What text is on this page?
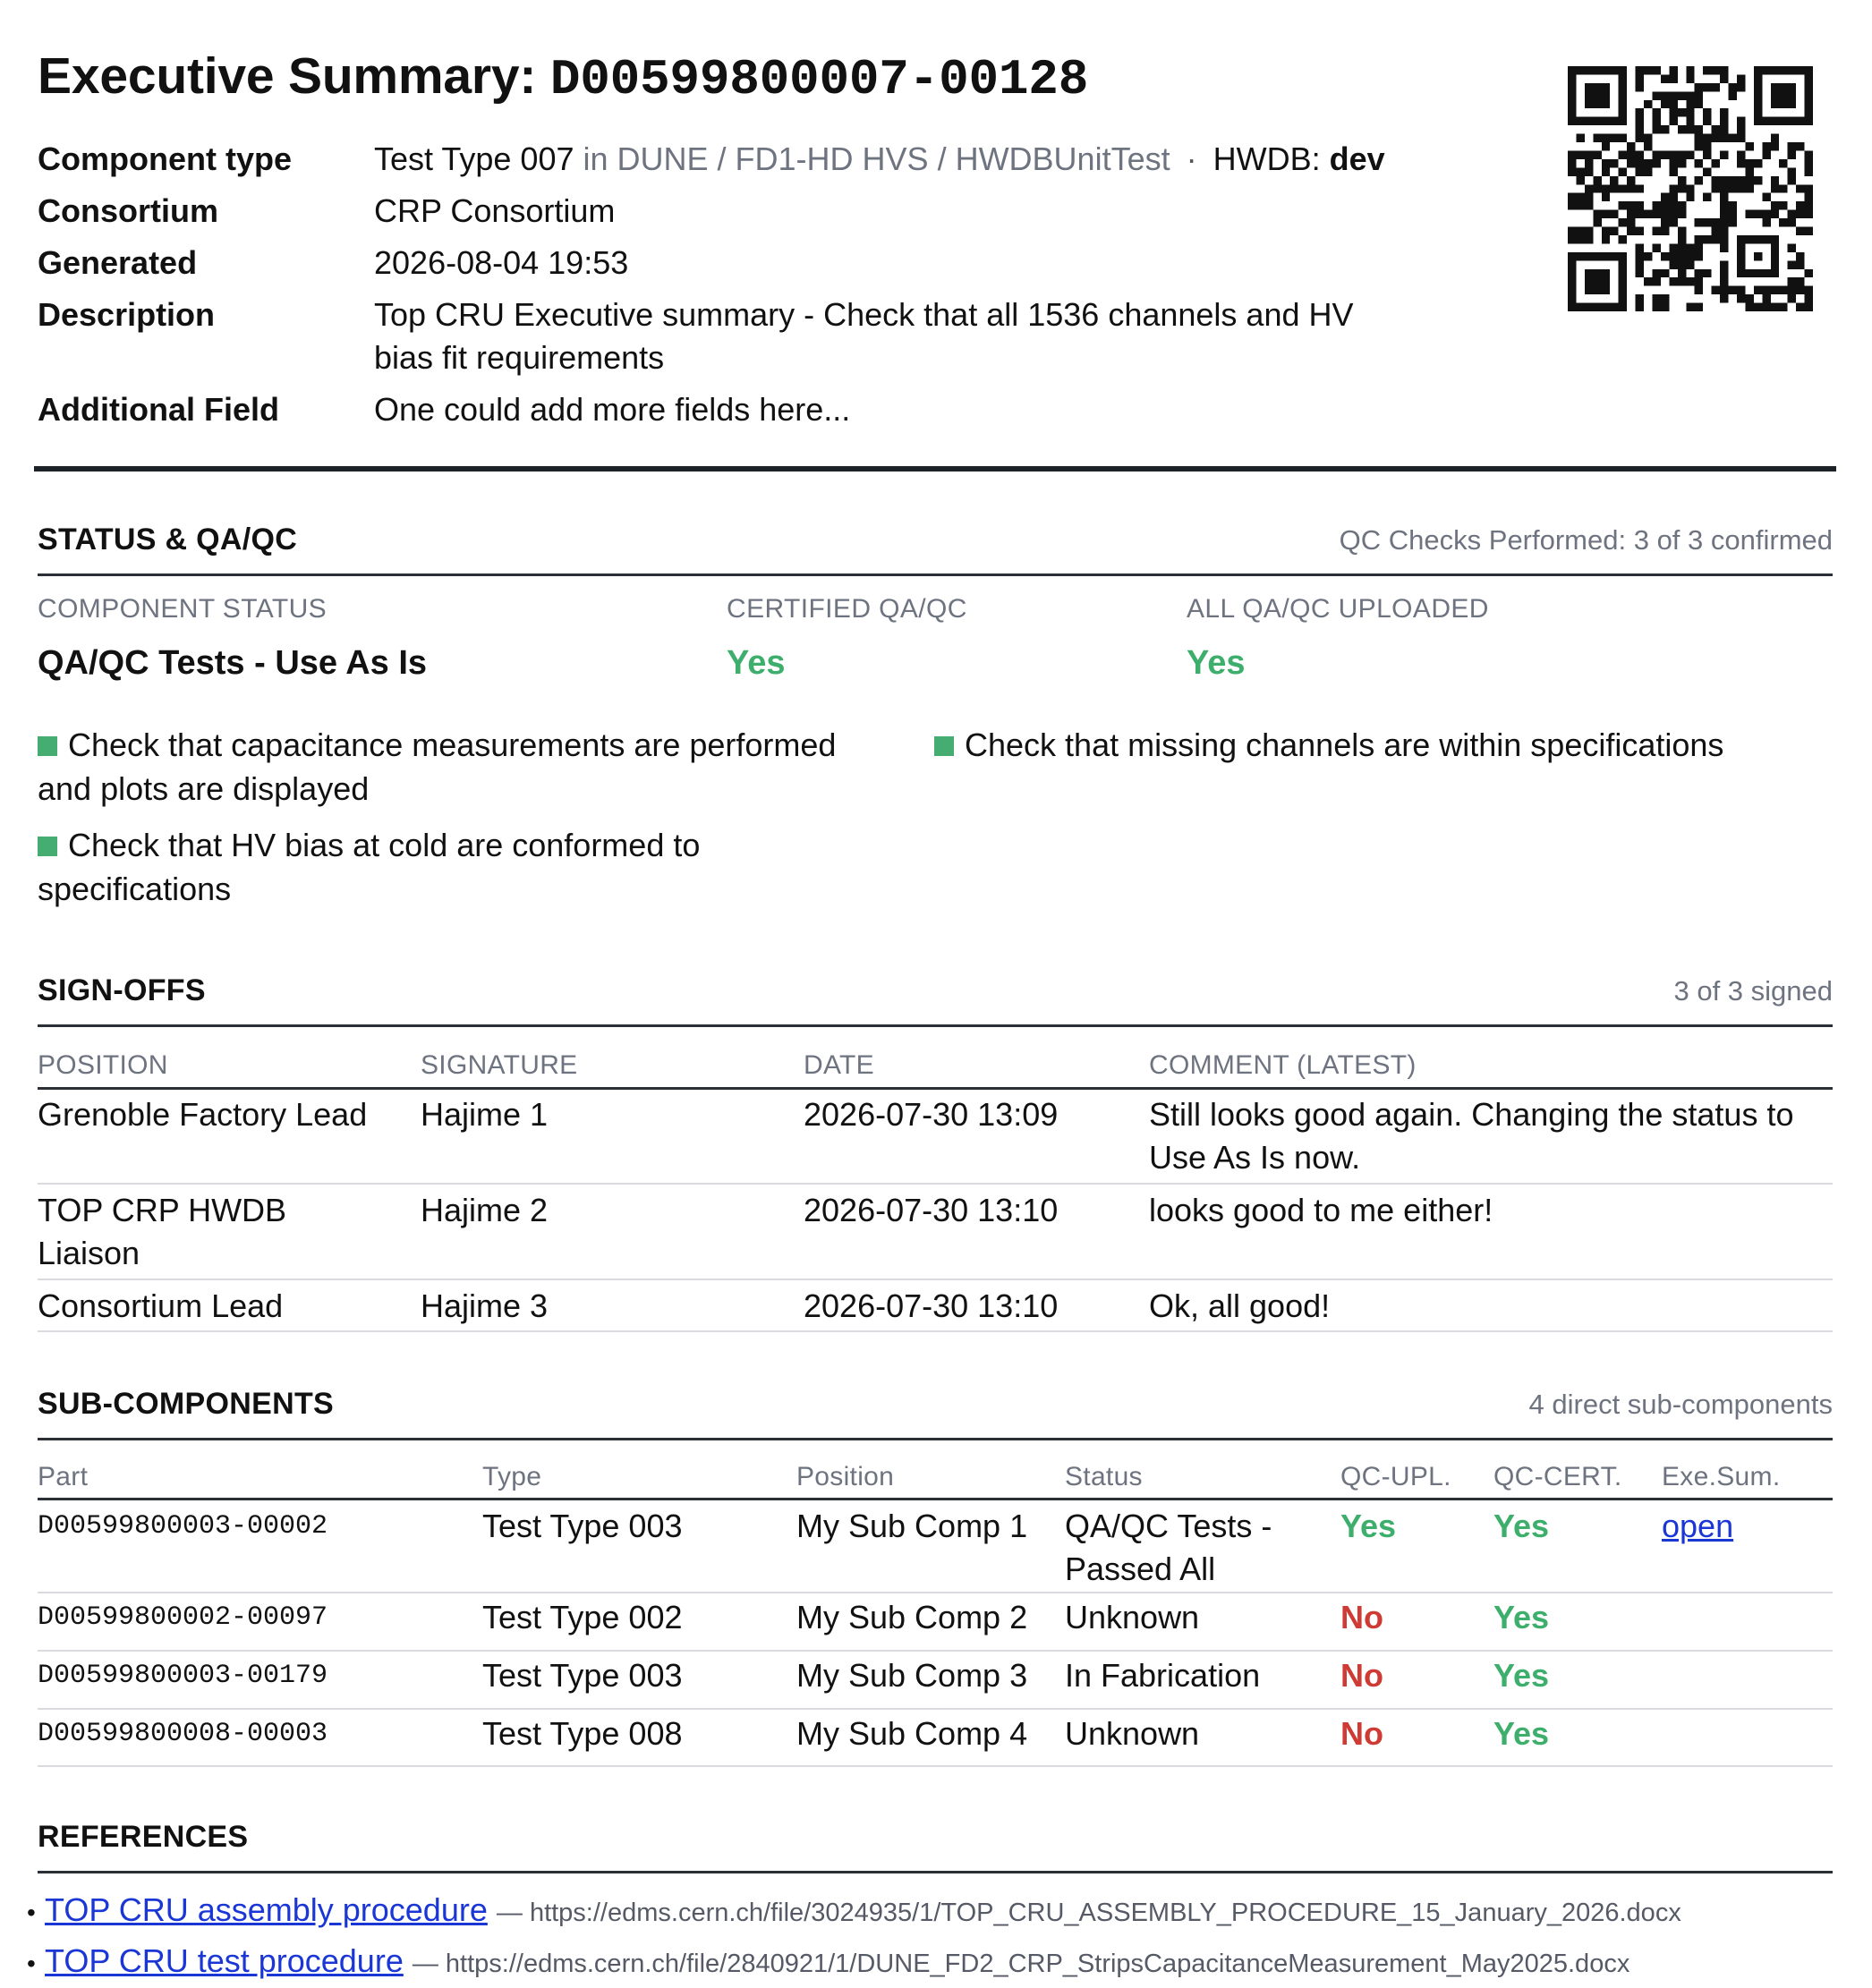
Executive Summary: D00599800007-00128
Component type	Test Type 007 in DUNE / FD1-HD HVS / HWDBUnitTest · HWDB: dev
Consortium	CRP Consortium
Generated	2026-08-04 19:53
Description	Top CRU Executive summary - Check that all 1536 channels and HV bias fit requirements
Additional Field	One could add more fields here...
STATUS & QA/QC	QC Checks Performed: 3 of 3 confirmed
COMPONENT STATUS
QA/QC Tests - Use As Is
CERTIFIED QA/QC
Yes
ALL QA/QC UPLOADED
Yes
Check that capacitance measurements are performed and plots are displayed
Check that missing channels are within specifications
Check that HV bias at cold are conformed to specifications
SIGN-OFFS	3 of 3 signed
POSITION	SIGNATURE	DATE	COMMENT (LATEST)
Grenoble Factory Lead	Hajime 1	2026-07-30 13:09	Still looks good again. Changing the status to Use As Is now.
TOP CRP HWDB Liaison	Hajime 2	2026-07-30 13:10	looks good to me either!
Consortium Lead	Hajime 3	2026-07-30 13:10	Ok, all good!
SUB-COMPONENTS	4 direct sub-components
Part	Type	Position	Status	QC-UPL.	QC-CERT.	Exe.Sum.
D00599800003-00002	Test Type 003	My Sub Comp 1	QA/QC Tests - Passed All	Yes	Yes	open
D00599800002-00097	Test Type 002	My Sub Comp 2	Unknown	No	Yes	
D00599800003-00179	Test Type 003	My Sub Comp 3	In Fabrication	No	Yes	
D00599800008-00003	Test Type 008	My Sub Comp 4	Unknown	No	Yes	
REFERENCES
• TOP CRU assembly procedure — https://edms.cern.ch/file/3024935/1/TOP_CRU_ASSEMBLY_PROCEDURE_15_January_2026.docx
• TOP CRU test procedure — https://edms.cern.ch/file/2840921/1/DUNE_FD2_CRP_StripsCapacitanceMeasurement_May2025.docx
